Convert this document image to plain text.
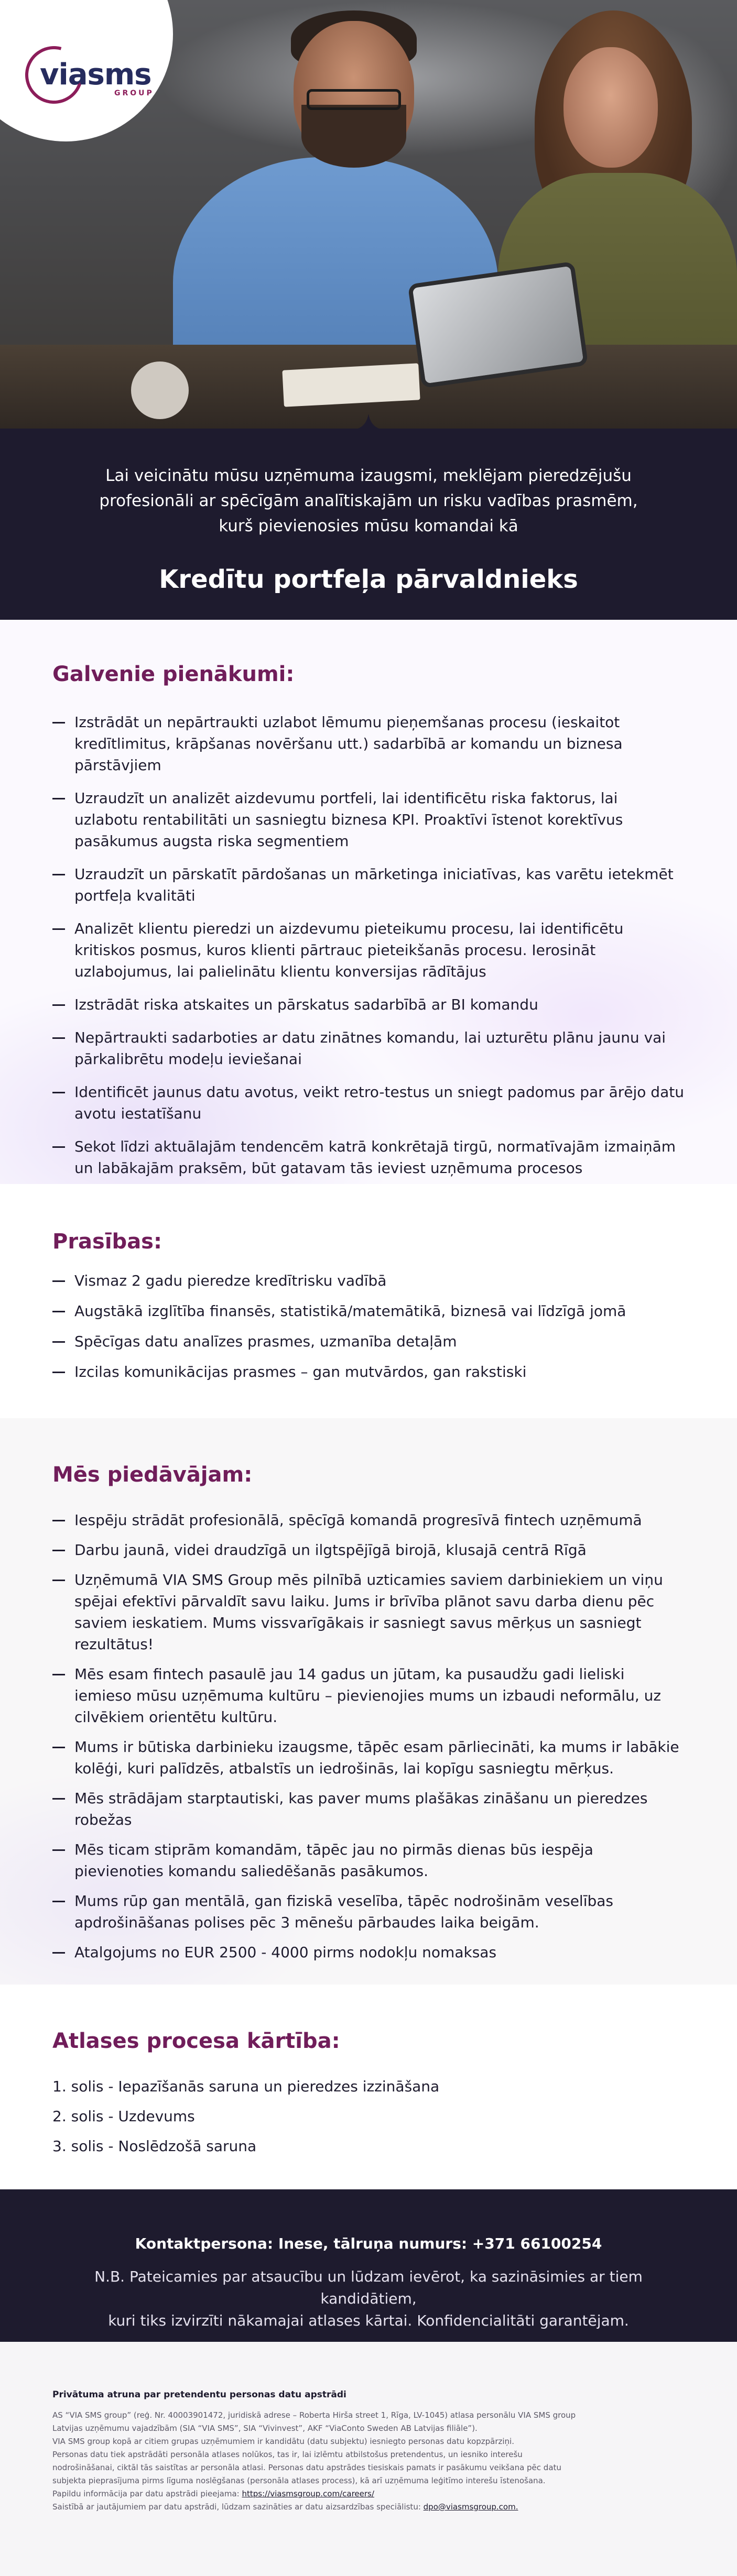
viasms
GROUP
Lai veicinātu mūsu uzņēmuma izaugsmi, meklējam pieredzējušu
profesionāli ar spēcīgām analītiskajām un risku vadības prasmēm,
kurš pievienosies mūsu komandai kā
Kredītu portfeļa pārvaldnieks
Galvenie pienākumi:
Izstrādāt un nepārtraukti uzlabot lēmumu pieņemšanas procesu (ieskaitot kredītlimitus, krāpšanas novēršanu utt.) sadarbībā ar komandu un biznesa pārstāvjiem
Uzraudzīt un analizēt aizdevumu portfeli, lai identificētu riska faktorus, lai uzlabotu rentabilitāti un sasniegtu biznesa KPI. Proaktīvi īstenot korektīvus pasākumus augsta riska segmentiem
Uzraudzīt un pārskatīt pārdošanas un mārketinga iniciatīvas, kas varētu ietekmēt portfeļa kvalitāti
Analizēt klientu pieredzi un aizdevumu pieteikumu procesu, lai identificētu kritiskos posmus, kuros klienti pārtrauc pieteikšanās procesu. Ierosināt uzlabojumus, lai palielinātu klientu konversijas rādītājus
Izstrādāt riska atskaites un pārskatus sadarbībā ar BI komandu
Nepārtraukti sadarboties ar datu zinātnes komandu, lai uzturētu plānu jaunu vai pārkalibrētu modeļu ieviešanai
Identificēt jaunus datu avotus, veikt retro-testus un sniegt padomus par ārējo datu avotu iestatīšanu
Sekot līdzi aktuālajām tendencēm katrā konkrētajā tirgū, normatīvajām izmaiņām un labākajām praksēm, būt gatavam tās ieviest uzņēmuma procesos
Prasības:
Vismaz 2 gadu pieredze kredītrisku vadībā
Augstākā izglītība finansēs, statistikā/matemātikā, biznesā vai līdzīgā jomā
Spēcīgas datu analīzes prasmes, uzmanība detaļām
Izcilas komunikācijas prasmes – gan mutvārdos, gan rakstiski
Mēs piedāvājam:
Iespēju strādāt profesionālā, spēcīgā komandā progresīvā fintech uzņēmumā
Darbu jaunā, videi draudzīgā un ilgtspējīgā birojā, klusajā centrā Rīgā
Uzņēmumā VIA SMS Group mēs pilnībā uzticamies saviem darbiniekiem un viņu spējai efektīvi pārvaldīt savu laiku. Jums ir brīvība plānot savu darba dienu pēc saviem ieskatiem. Mums vissvarīgākais ir sasniegt savus mērķus un sasniegt rezultātus!
Mēs esam fintech pasaulē jau 14 gadus un jūtam, ka pusaudžu gadi lieliski iemieso mūsu uzņēmuma kultūru – pievienojies mums un izbaudi neformālu, uz cilvēkiem orientētu kultūru.
Mums ir būtiska darbinieku izaugsme, tāpēc esam pārliecināti, ka mums ir labākie kolēģi, kuri palīdzēs, atbalstīs un iedrošinās, lai kopīgu sasniegtu mērķus.
Mēs strādājam starptautiski, kas paver mums plašākas zināšanu un pieredzes robežas
Mēs ticam stiprām komandām, tāpēc jau no pirmās dienas būs iespēja pievienoties komandu saliedēšanās pasākumos.
Mums rūp gan mentālā, gan fiziskā veselība, tāpēc nodrošinām veselības apdrošināšanas polises pēc 3 mēnešu pārbaudes laika beigām.
Atalgojums no EUR 2500 - 4000 pirms nodokļu nomaksas
Atlases procesa kārtība:
1. solis - Iepazīšanās saruna un pieredzes izzināšana
2. solis - Uzdevums
3. solis - Noslēdzošā saruna
Kontaktpersona: Inese, tālruņa numurs: +371 66100254
N.B. Pateicamies par atsaucību un lūdzam ievērot, ka sazināsimies ar tiem kandidātiem,
kuri tiks izvirzīti nākamajai atlases kārtai. Konfidencialitāti garantējam.
Privātuma atruna par pretendentu personas datu apstrādi

AS “VIA SMS group” (reģ. Nr. 40003901472, juridiskā adrese – Roberta Hirša street 1, Rīga, LV-1045) atlasa personālu VIA SMS group

Latvijas uzņēmumu vajadzībām (SIA “VIA SMS”, SIA “Vivinvest”, AKF “ViaConto Sweden AB Latvijas filiāle”).

VIA SMS group kopā ar citiem grupas uzņēmumiem ir kandidātu (datu subjektu) iesniegto personas datu kopzpārziņi.

Personas datu tiek apstrādāti personāla atlases nolūkos, tas ir, lai izlēmtu atbilstošus pretendentus, un iesniko interešu

nodrošināšanai, ciktāl tās saistītas ar personāla atlasi. Personas datu apstrādes tiesiskais pamats ir pasākumu veikšana pēc datu

subjekta pieprasījuma pirms līguma noslēgšanas (personāla atlases process), kā arī uzņēmuma leģitīmo interešu īstenošana.

Papildu informācija par datu apstrādi pieejama: https://viasmsgroup.com/careers/

Saistībā ar jautājumiem par datu apstrādi, lūdzam sazināties ar datu aizsardzības speciālistu: dpo@viasmsgroup.com.
